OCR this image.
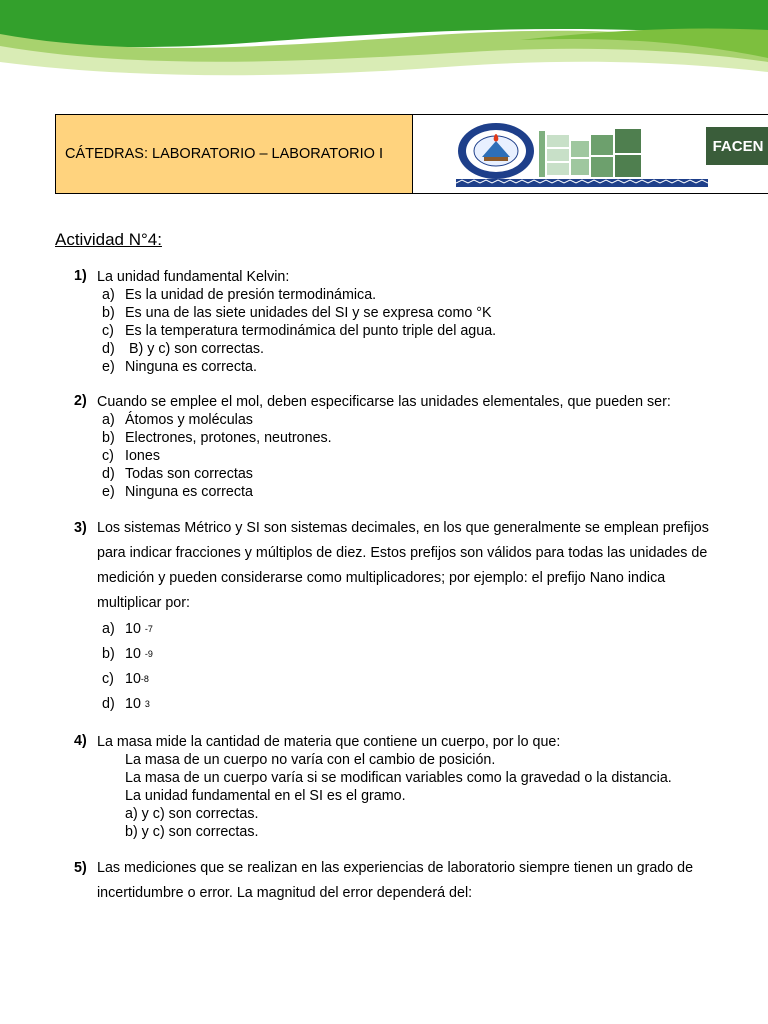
CÁTEDRAS: LABORATORIO – LABORATORIO I	FACEN
Actividad N°4:
1) La unidad fundamental Kelvin:
a) Es la unidad de presión termodinámica.
b) Es una de las siete unidades del SI y se expresa como °K
c) Es la temperatura termodinámica del punto triple del agua.
d) B) y c) son correctas.
e) Ninguna es correcta.
2) Cuando se emplee el mol, deben especificarse las unidades elementales, que pueden ser:
a) Átomos y moléculas
b) Electrones, protones, neutrones.
c) Iones
d) Todas son correctas
e) Ninguna es correcta
3) Los sistemas Métrico y SI son sistemas decimales, en los que generalmente se emplean prefijos para indicar fracciones y múltiplos de diez. Estos prefijos son válidos para todas las unidades de medición y pueden considerarse como multiplicadores; por ejemplo: el prefijo Nano indica multiplicar por:
a) 10 -7
b) 10 -9
c) 10 -8
d) 10 3
4) La masa mide la cantidad de materia que contiene un cuerpo, por lo que:
La masa de un cuerpo no varía con el cambio de posición.
La masa de un cuerpo varía si se modifican variables como la gravedad o la distancia.
La unidad fundamental en el SI es el gramo.
a) y c) son correctas.
b) y c) son correctas.
5) Las mediciones que se realizan en las experiencias de laboratorio siempre tienen un grado de incertidumbre o error. La magnitud del error dependerá del:
